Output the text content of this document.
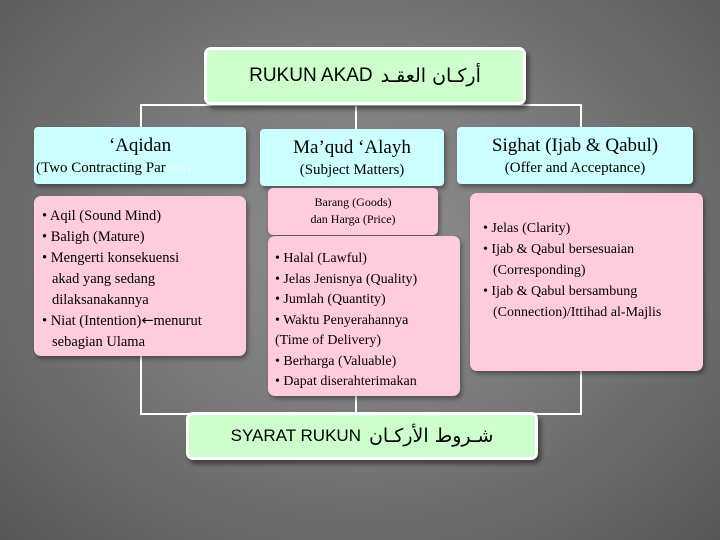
RUKUN AKAD أركـان العقـد
‘Aqidan
(Two Contracting Parties)
Ma’qud ‘Alayh
(Subject Matters)
Sighat (Ijab & Qabul)
(Offer and Acceptance)
• Aqil (Sound Mind)
• Baligh (Mature)
• Mengerti konsekuensi
akad yang sedang
dilaksanakannya
• Niat (Intention)←menurut
sebagian Ulama
Barang (Goods)
dan Harga (Price)
• Halal (Lawful)
• Jelas Jenisnya (Quality)
• Jumlah (Quantity)
• Waktu Penyerahannya
(Time of Delivery)
• Berharga (Valuable)
• Dapat diserahterimakan
• Jelas (Clarity)
• Ijab & Qabul bersesuaian
(Corresponding)
• Ijab & Qabul bersambung
(Connection)/Ittihad al-Majlis
SYARAT RUKUN شـروط الأركـان
